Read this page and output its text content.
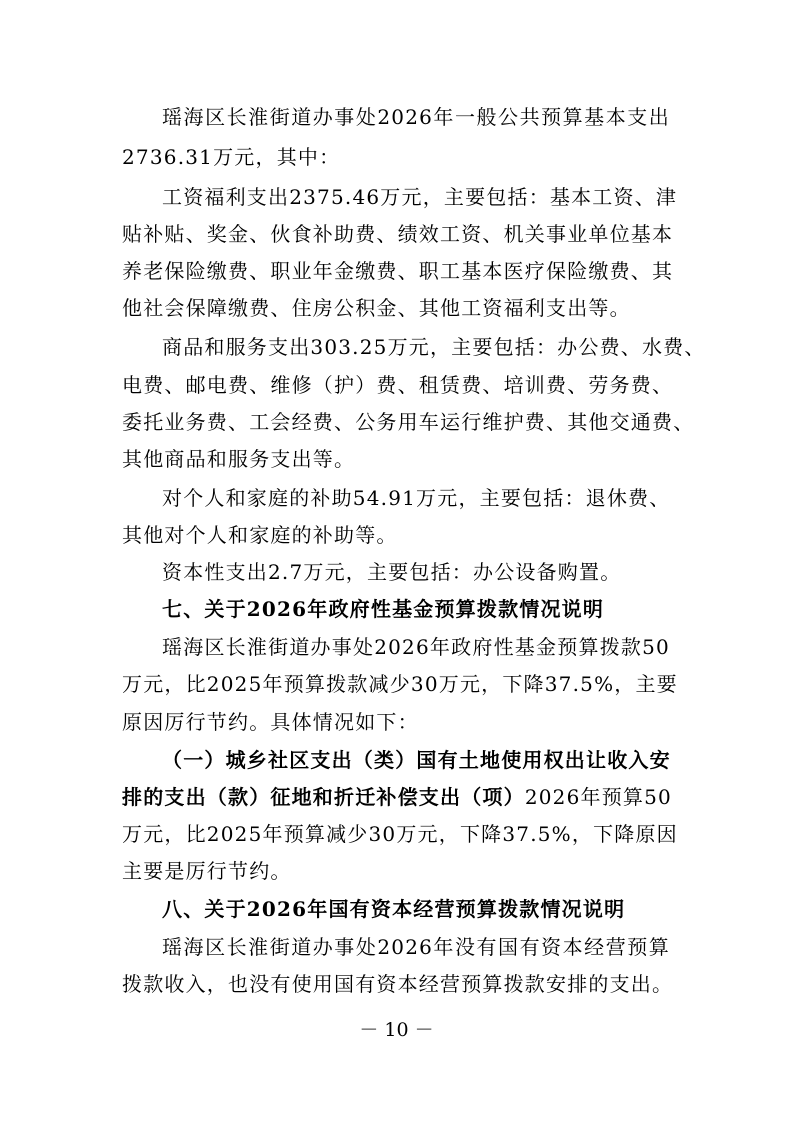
瑶海区长淮街道办事处2026年一般公共预算基本支出
2736.31万元，其中：
工资福利支出2375.46万元，主要包括：基本工资、津
贴补贴、奖金、伙食补助费、绩效工资、机关事业单位基本
养老保险缴费、职业年金缴费、职工基本医疗保险缴费、其
他社会保障缴费、住房公积金、其他工资福利支出等。
商品和服务支出303.25万元，主要包括：办公费、水费、
电费、邮电费、维修（护）费、租赁费、培训费、劳务费、
委托业务费、工会经费、公务用车运行维护费、其他交通费、
其他商品和服务支出等。
对个人和家庭的补助54.91万元，主要包括：退休费、
其他对个人和家庭的补助等。
资本性支出2.7万元，主要包括：办公设备购置。
七、关于2026年政府性基金预算拨款情况说明
瑶海区长淮街道办事处2026年政府性基金预算拨款50
万元，比2025年预算拨款减少30万元，下降37.5%，主要
原因厉行节约。具体情况如下：
（一）城乡社区支出（类）国有土地使用权出让收入安
排的支出（款）征地和折迁补偿支出（项） 2026年预算50
万元，比2025年预算减少30万元，下降37.5%，下降原因
主要是厉行节约。
八、关于2026年国有资本经营预算拨款情况说明
瑶海区长淮街道办事处2026年没有国有资本经营预算
拨款收入，也没有使用国有资本经营预算拨款安排的支出。
－ 10 －
